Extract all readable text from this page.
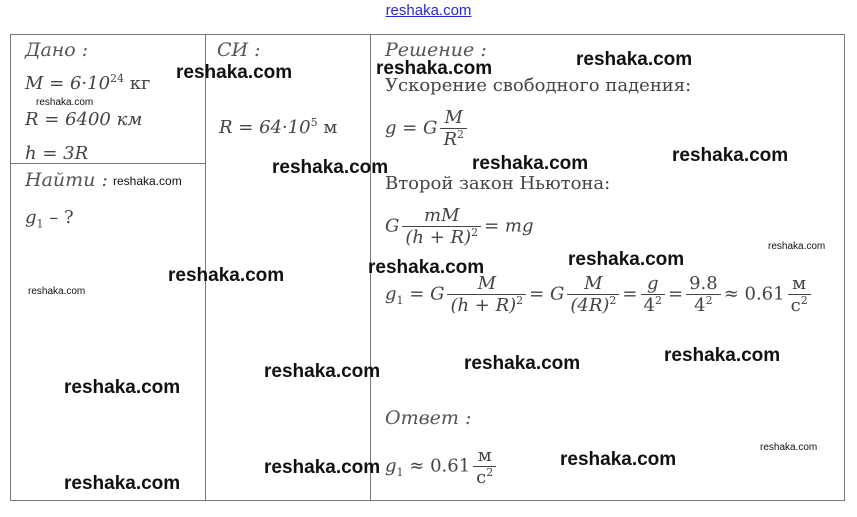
reshaka.com
Дано :
$M = 6\cdot 10^{24}$ кг
R = 6400 км
h = 3R
Найти :
$g_1$ – ?
СИ :
$R = 64\cdot 10^5$ м
Решение :
Ускорение свободного падения:
g = G $\frac{M}{R^2}$
Второй закон Ньютона:
G $\frac{mM}{(h + R)^2}$ = mg
$g_1 = G \frac{M}{(h + R)^2} = G \frac{M}{(4R)^2} = \frac{g}{4^2} = \frac{9.8}{4^2} \approx 0.61 \frac{м}{с^2}$
Ответ :
$g_1 \approx 0.61 \frac{м}{с^2}$
reshaka.com	reshaka.com	reshaka.com
reshaka.com
reshaka.com	reshaka.com	reshaka.com
reshaka.com
reshaka.com
reshaka.com	reshaka.com	reshaka.com
reshaka.com
reshaka.com
reshaka.com
reshaka.com
reshaka.com
reshaka.com
reshaka.com
reshaka.com
reshaka.com
